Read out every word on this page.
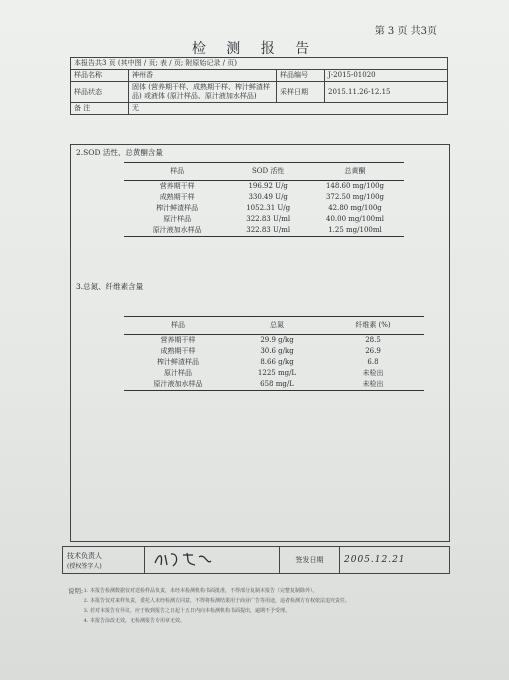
第 3 页 共3页
检 测 报 告
本报告共3 页 (其中图 / 页; 表 / 页; 附原始记录 / 页)			
样品名称	神州香	样品编号	J-2015-01020
样品状态	固体 (营养期干样、成熟期干样、榨汁鲜渣样品) 或液体 (原汁样品、原汁液加水样品)	采样日期	2015.11.26-12.15
备 注	无		
2.SOD 活性、总黄酮含量
样品	SOD 活性	总黄酮
营养期干样	196.92 U/g	148.60 mg/100g
成熟期干样	330.49 U/g	372.50 mg/100g
榨汁鲜渣样品	1052.31 U/g	42.80 mg/100g
原汁样品	322.83 U/ml	40.00 mg/100ml
原汁液加水样品	322.83 U/ml	1.25 mg/100ml
3.总氮、纤维素含量
样品	总氮	纤维素 (%)
营养期干样	29.9 g/kg	28.5
成熟期干样	30.6 g/kg	26.9
榨汁鲜渣样品	8.66 g/kg	6.8
原汁样品	1225 mg/L	未检出
原汁液加水样品	658 mg/L	未检出
技术负责人
(授权签字人)
		签发日期	2005.12.21
说明: 1. 本报告检测数据仅对送检样品负责，未经本检测机构书面批准，不得部分复制本报告（完整复制除外）。
2. 本报告仅对来样负责，委托人未经检测方同意，不得将检测结果用于商业广告等用途，违者检测方有权依法追究责任。
3. 若对本报告有异议，应于收到报告之日起十五日内向本检测机构书面提出，逾期不予受理。
4. 本报告涂改无效，无检测报告专用章无效。
